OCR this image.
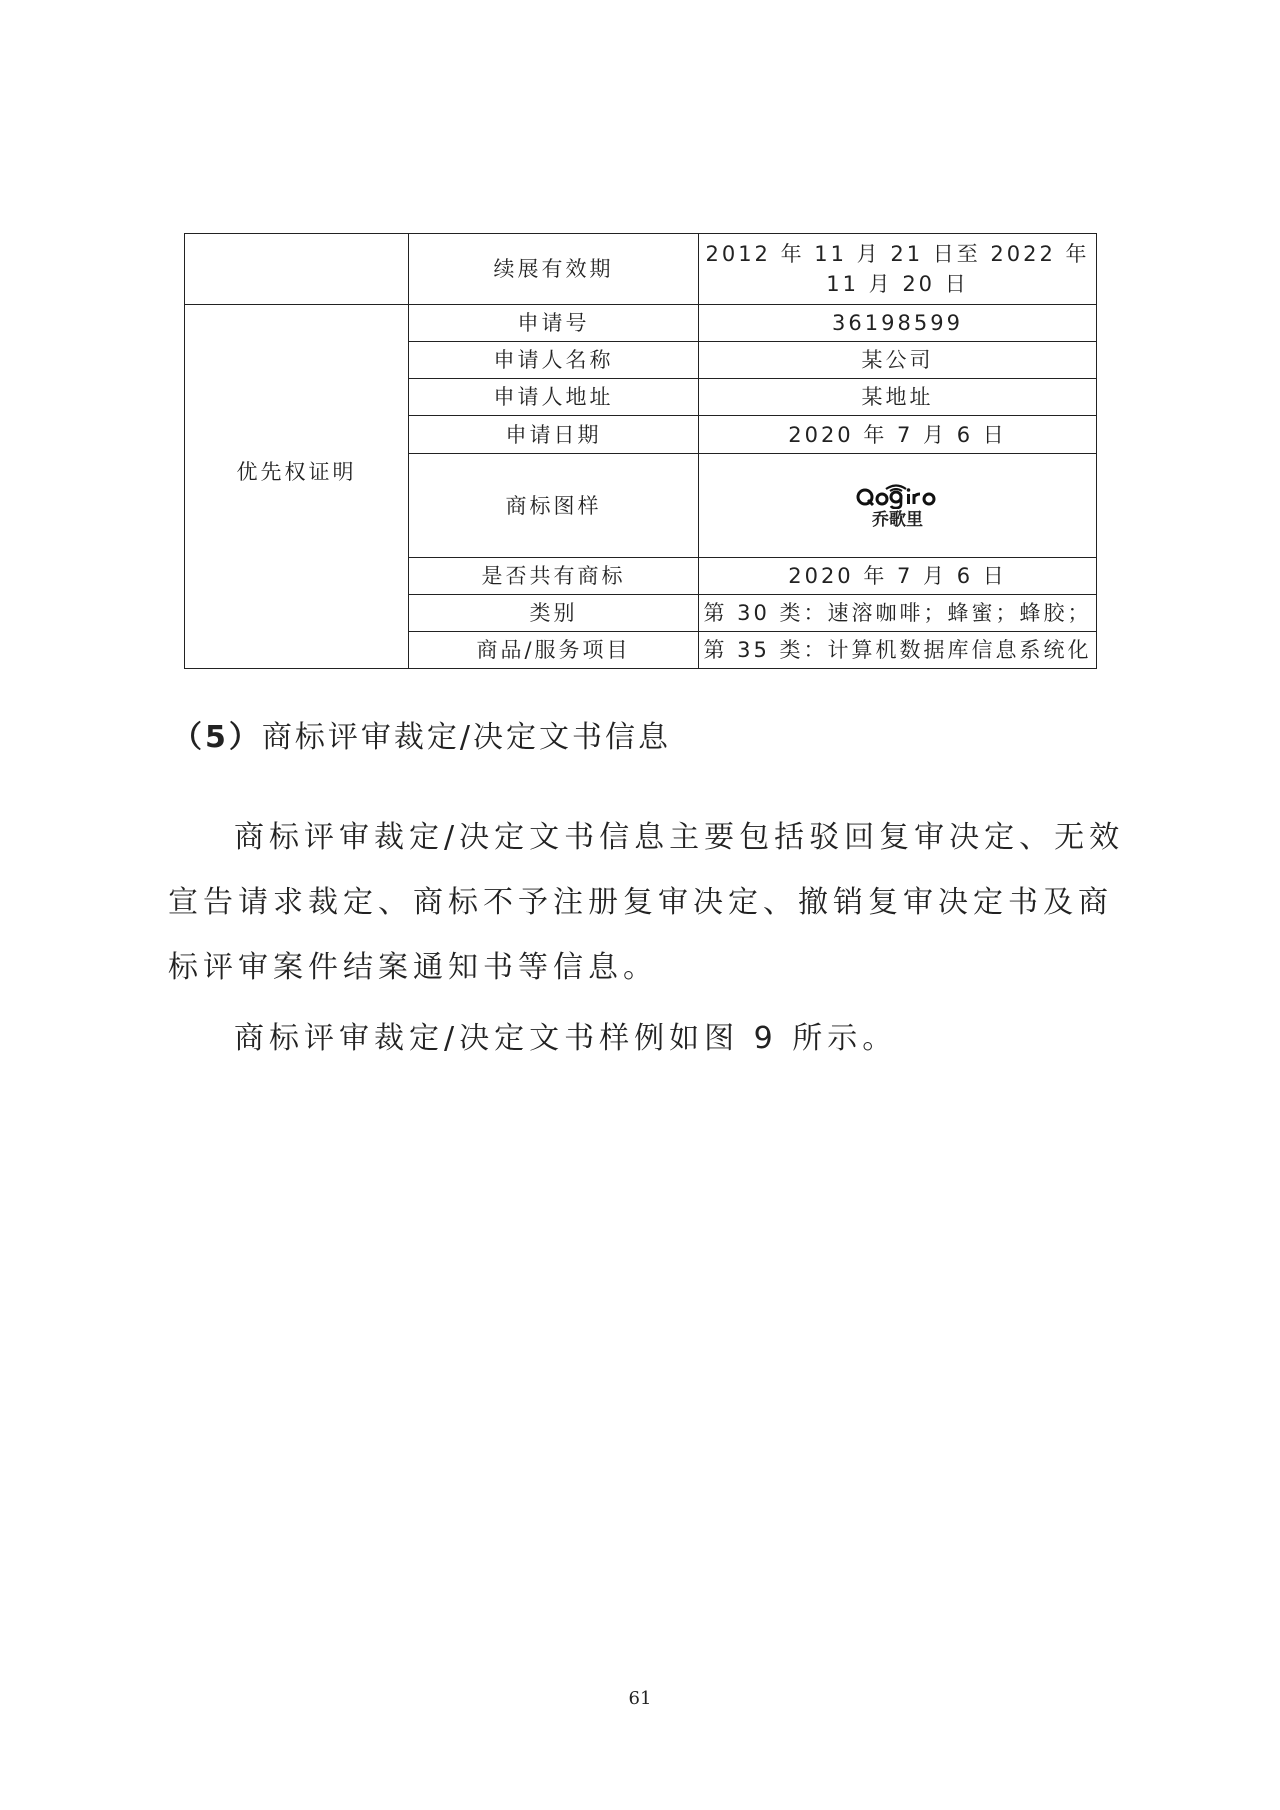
	续展有效期	2012 年 11 月 21 日至 2022 年 11 月 20 日
优先权证明	申请号	36198599
	申请人名称	某公司
	申请人地址	某地址
	申请日期	2020 年 7 月 6 日
	商标图样	乔歌里

	是否共有商标	2020 年 7 月 6 日
	类别	第 30 类：速溶咖啡；蜂蜜；蜂胶；
	商品/服务项目	第 35 类：计算机数据库信息系统化
（5）商标评审裁定/决定文书信息

商标评审裁定/决定文书信息主要包括驳回复审决定、无效宣告请求裁定、商标不予注册复审决定、撤销复审决定书及商标评审案件结案通知书等信息。

商标评审裁定/决定文书样例如图 9 所示。

61
